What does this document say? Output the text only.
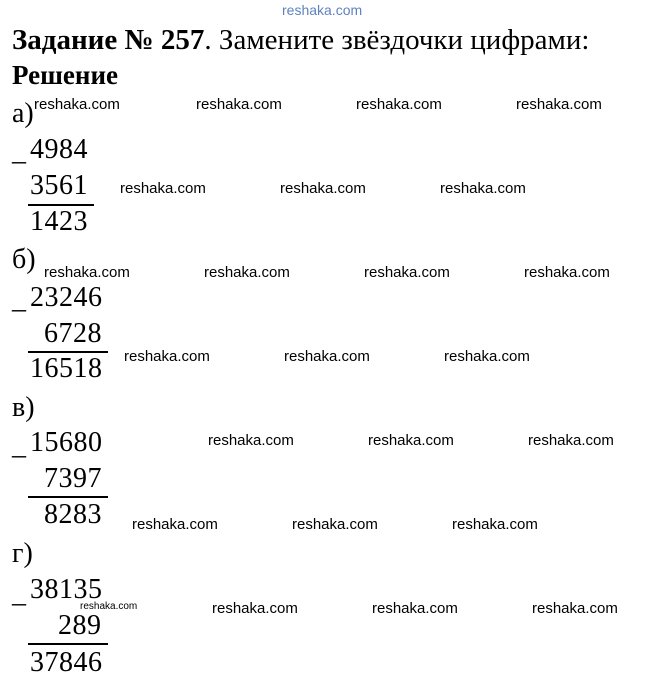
reshaka.com
Задание № 257. Замените звёздочки цифрами:
Решение
а)
_ 4984
3561
1423
б)
_ 23246
6728
16518
в)
_ 15680
7397
8283
г)
_ 38135
289
37846
reshaka.com	reshaka.com	reshaka.com	reshaka.com
reshaka.com	reshaka.com	reshaka.com
reshaka.com	reshaka.com	reshaka.com	reshaka.com
reshaka.com	reshaka.com	reshaka.com
reshaka.com	reshaka.com	reshaka.com
reshaka.com	reshaka.com	reshaka.com
reshaka.com	reshaka.com	reshaka.com	reshaka.com
